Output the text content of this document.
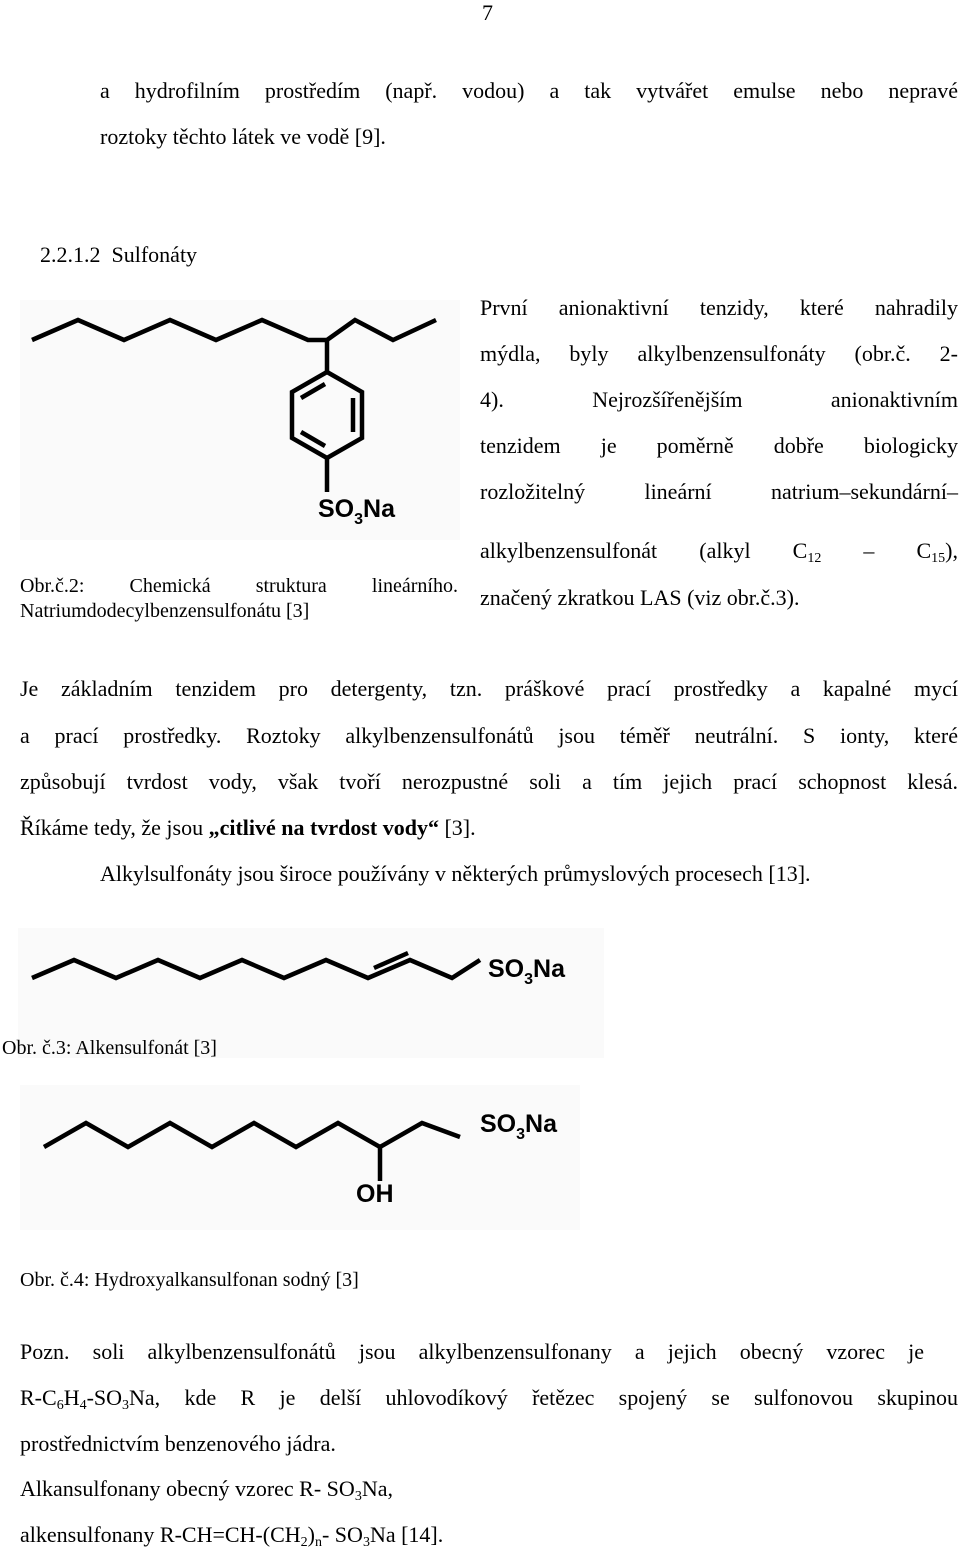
7
a hydrofilním prostředím (např. vodou) a tak vytvářet emulse nebo nepravé
roztoky těchto látek ve vodě [9].
2.2.1.2 Sulfonáty
$SO_3Na$
Obr.č.2: Chemická struktura lineárního.
Natriumdodecylbenzensulfonátu [3]
První anionaktivní tenzidy, které nahradily
mýdla, byly alkylbenzensulfonáty (obr.č. 2-
4). Nejrozšířenějším anionaktivním
tenzidem je poměrně dobře biologicky
rozložitelný lineární natrium–sekundární–
alkylbenzensulfonát (alkyl $C_{12} - C_{15}$),
značený zkratkou LAS (viz obr.č.3).
Je základním tenzidem pro detergenty, tzn. práškové prací prostředky a kapalné mycí
a prací prostředky. Roztoky alkylbenzensulfonátů jsou téměř neutrální. S ionty, které
způsobují tvrdost vody, však tvoří nerozpustné soli a tím jejich prací schopnost klesá.
Říkáme tedy, že jsou „citlivé na tvrdost vody“ [3].
Alkylsulfonáty jsou široce používány v některých průmyslových procesech [13].
$SO_3Na$
Obr. č.3: Alkensulfonát [3]
$SO_3Na$
OH
Obr. č.4: Hydroxyalkansulfonan sodný [3]
Pozn. soli alkylbenzensulfonátů jsou alkylbenzensulfonany a jejich obecný vzorec je
$R-C_6H_4-SO_3Na$, kde R je delší uhlovodíkový řetězec spojený se sulfonovou skupinou
prostřednictvím benzenového jádra.
Alkansulfonany obecný vzorec R- $SO_3Na$,
alkensulfonany $R-CH=CH-(CH_2)_n-$ $SO_3Na$ [14].
